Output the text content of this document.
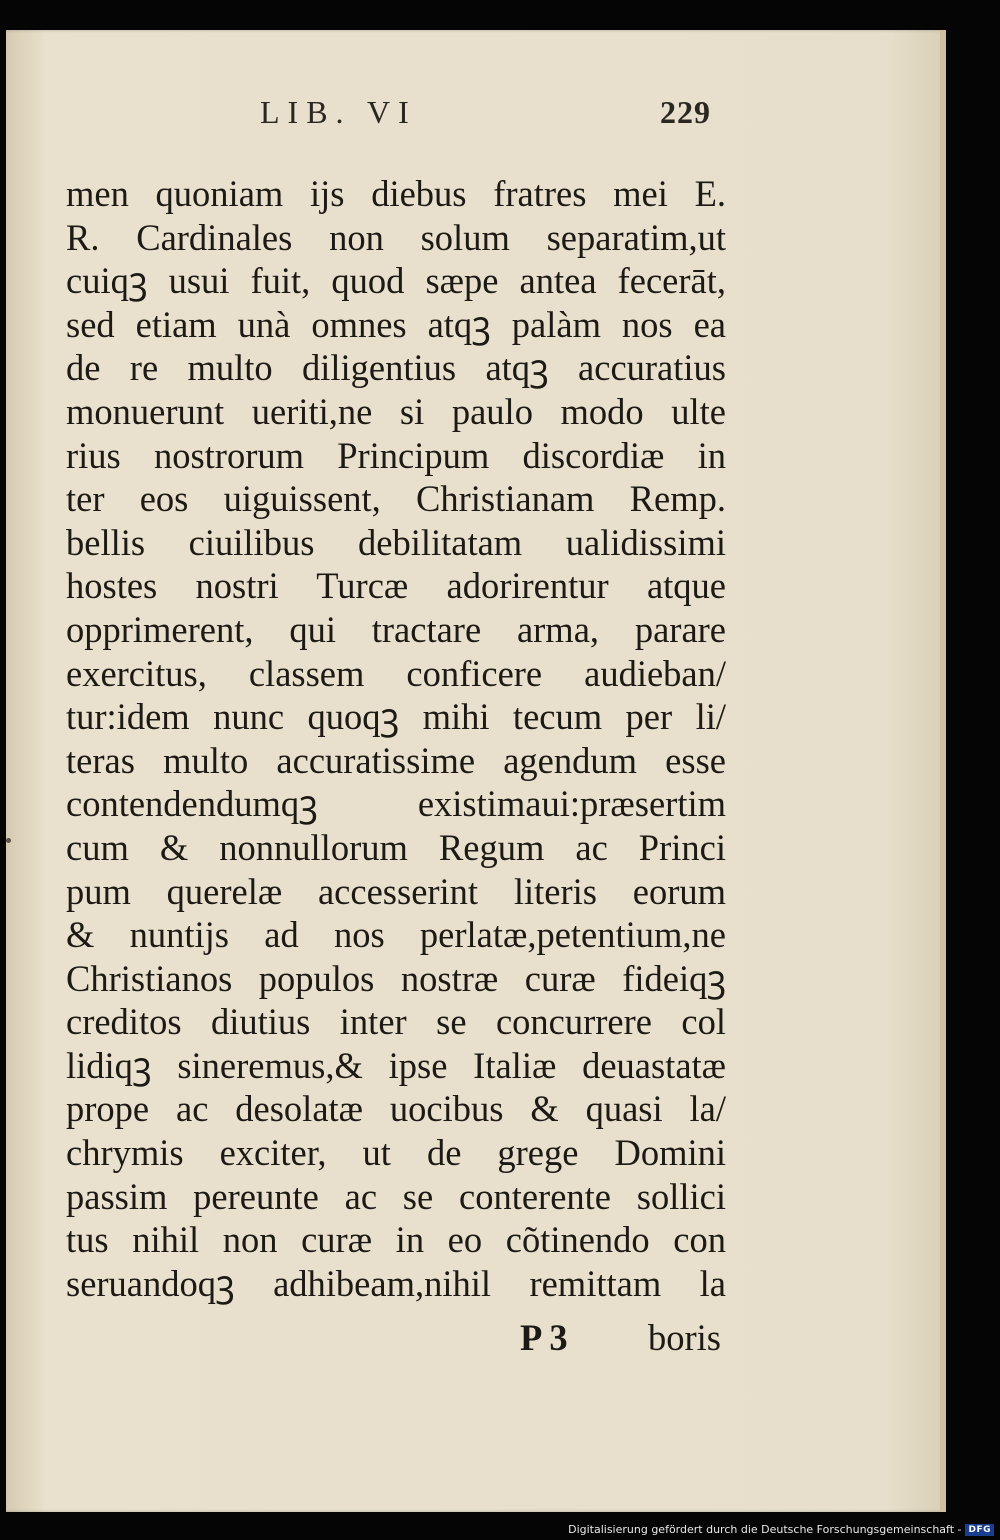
LIB. VI	229
men quoniam ijs diebus fratres mei E.
R. Cardinales non solum separatim,ut
cuiqꝫ usui fuit, quod sæpe antea fecerāt,
sed etiam unà omnes atqꝫ palàm nos ea
de re multo diligentius atqꝫ accuratius
monuerunt ueriti,ne si paulo modo ulte
rius nostrorum Principum discordiæ in
ter eos uiguissent, Christianam Remp.
bellis ciuilibus debilitatam ualidissimi
hostes nostri Turcæ adorirentur atque
opprimerent, qui tractare arma, parare
exercitus, classem conficere audieban/
tur:idem nunc quoqꝫ mihi tecum per li/
teras multo accuratissime agendum esse
contendendumqꝫ existimaui:præsertim
cum & nonnullorum Regum ac Princi
pum querelæ accesserint literis eorum
& nuntijs ad nos perlatæ,petentium,ne
Christianos populos nostræ curæ fideiqꝫ
creditos diutius inter se concurrere col
lidiqꝫ sineremus,& ipse Italiæ deuastatæ
prope ac desolatæ uocibus & quasi la/
chrymis exciter, ut de grege Domini
passim pereunte ac se conterente sollici
tus nihil non curæ in eo cõtinendo con
seruandoqꝫ adhibeam,nihil remittam la
P 3 boris
Digitalisierung gefördert durch die Deutsche Forschungsgemeinschaft - DFG
